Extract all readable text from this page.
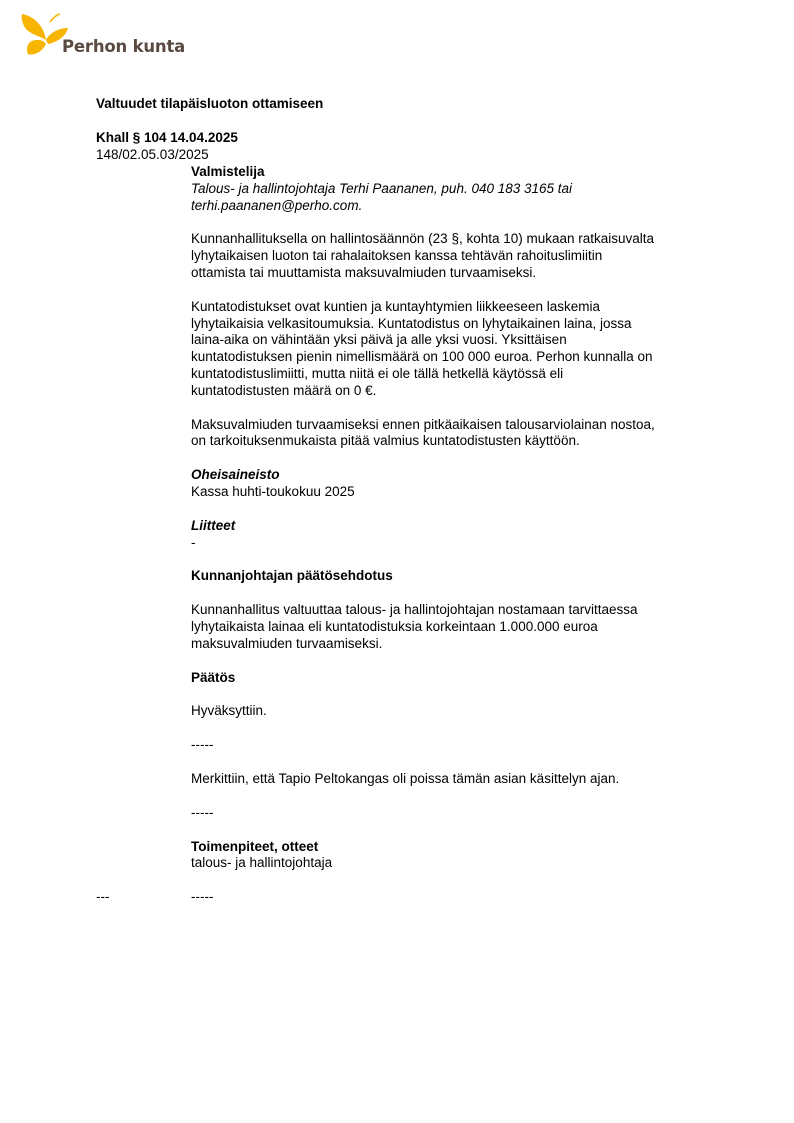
Perhon kunta
Valtuudet tilapäisluoton ottamiseen
Khall § 104 14.04.2025
148/02.05.03/2025

Valmistelija

Talous- ja hallintojohtaja Terhi Paananen, puh. 040 183 3165 tai

terhi.paananen@perho.com.

Kunnanhallituksella on hallintosäännön (23 §, kohta 10) mukaan ratkaisuvalta

lyhytaikaisen luoton tai rahalaitoksen kanssa tehtävän rahoituslimiitin

ottamista tai muuttamista maksuvalmiuden turvaamiseksi.

Kuntatodistukset ovat kuntien ja kuntayhtymien liikkeeseen laskemia

lyhytaikaisia velkasitoumuksia. Kuntatodistus on lyhytaikainen laina, jossa

laina-aika on vähintään yksi päivä ja alle yksi vuosi. Yksittäisen

kuntatodistuksen pienin nimellismäärä on 100 000 euroa. Perhon kunnalla on

kuntatodistuslimiitti, mutta niitä ei ole tällä hetkellä käytössä eli

kuntatodistusten määrä on 0 €.

Maksuvalmiuden turvaamiseksi ennen pitkäaikaisen talousarviolainan nostoa,

on tarkoituksenmukaista pitää valmius kuntatodistusten käyttöön.

Oheisaineisto

Kassa huhti-toukokuu 2025

Liitteet

-

Kunnanjohtajan päätösehdotus

Kunnanhallitus valtuuttaa talous- ja hallintojohtajan nostamaan tarvittaessa

lyhytaikaista lainaa eli kuntatodistuksia korkeintaan 1.000.000 euroa

maksuvalmiuden turvaamiseksi.

Päätös

Hyväksyttiin.

-----

Merkittiin, että Tapio Peltokangas oli poissa tämän asian käsittelyn ajan.

-----

Toimenpiteet, otteet

talous- ja hallintojohtaja

-----

---
